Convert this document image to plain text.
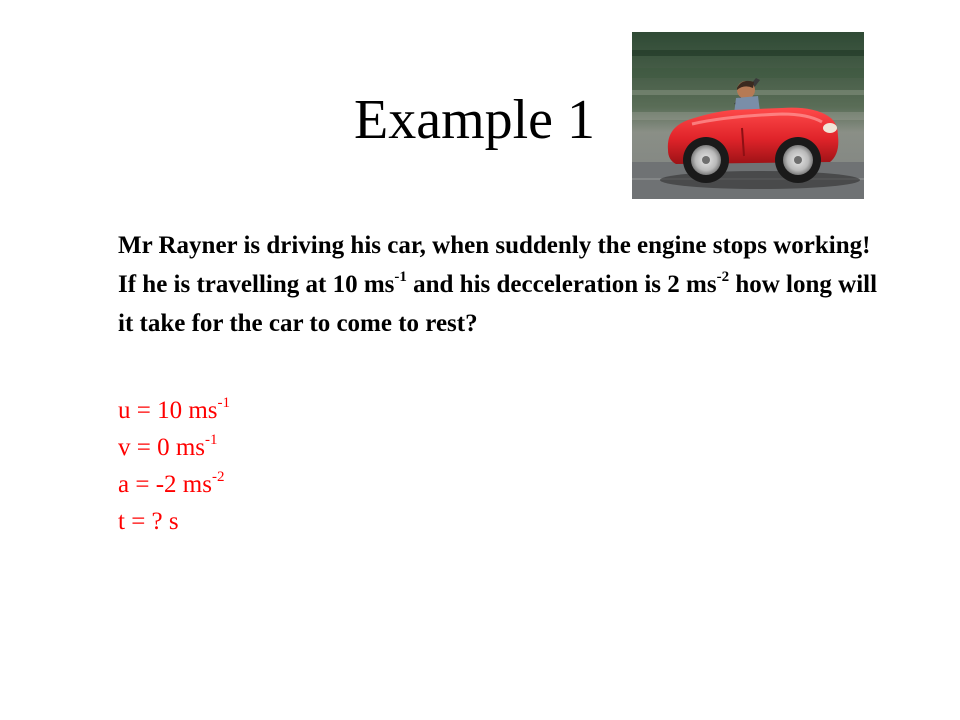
Example 1
Mr Rayner is driving his car, when suddenly the engine stops working! If he is travelling at 10 $ms^{-1}$ and his decceleration is 2 $ms^{-2}$ how long will it take for the car to come to rest?
u = 10 $ms^{-1}$
v = 0 $ms^{-1}$
a = -2 $ms^{-2}$
t = ? s
